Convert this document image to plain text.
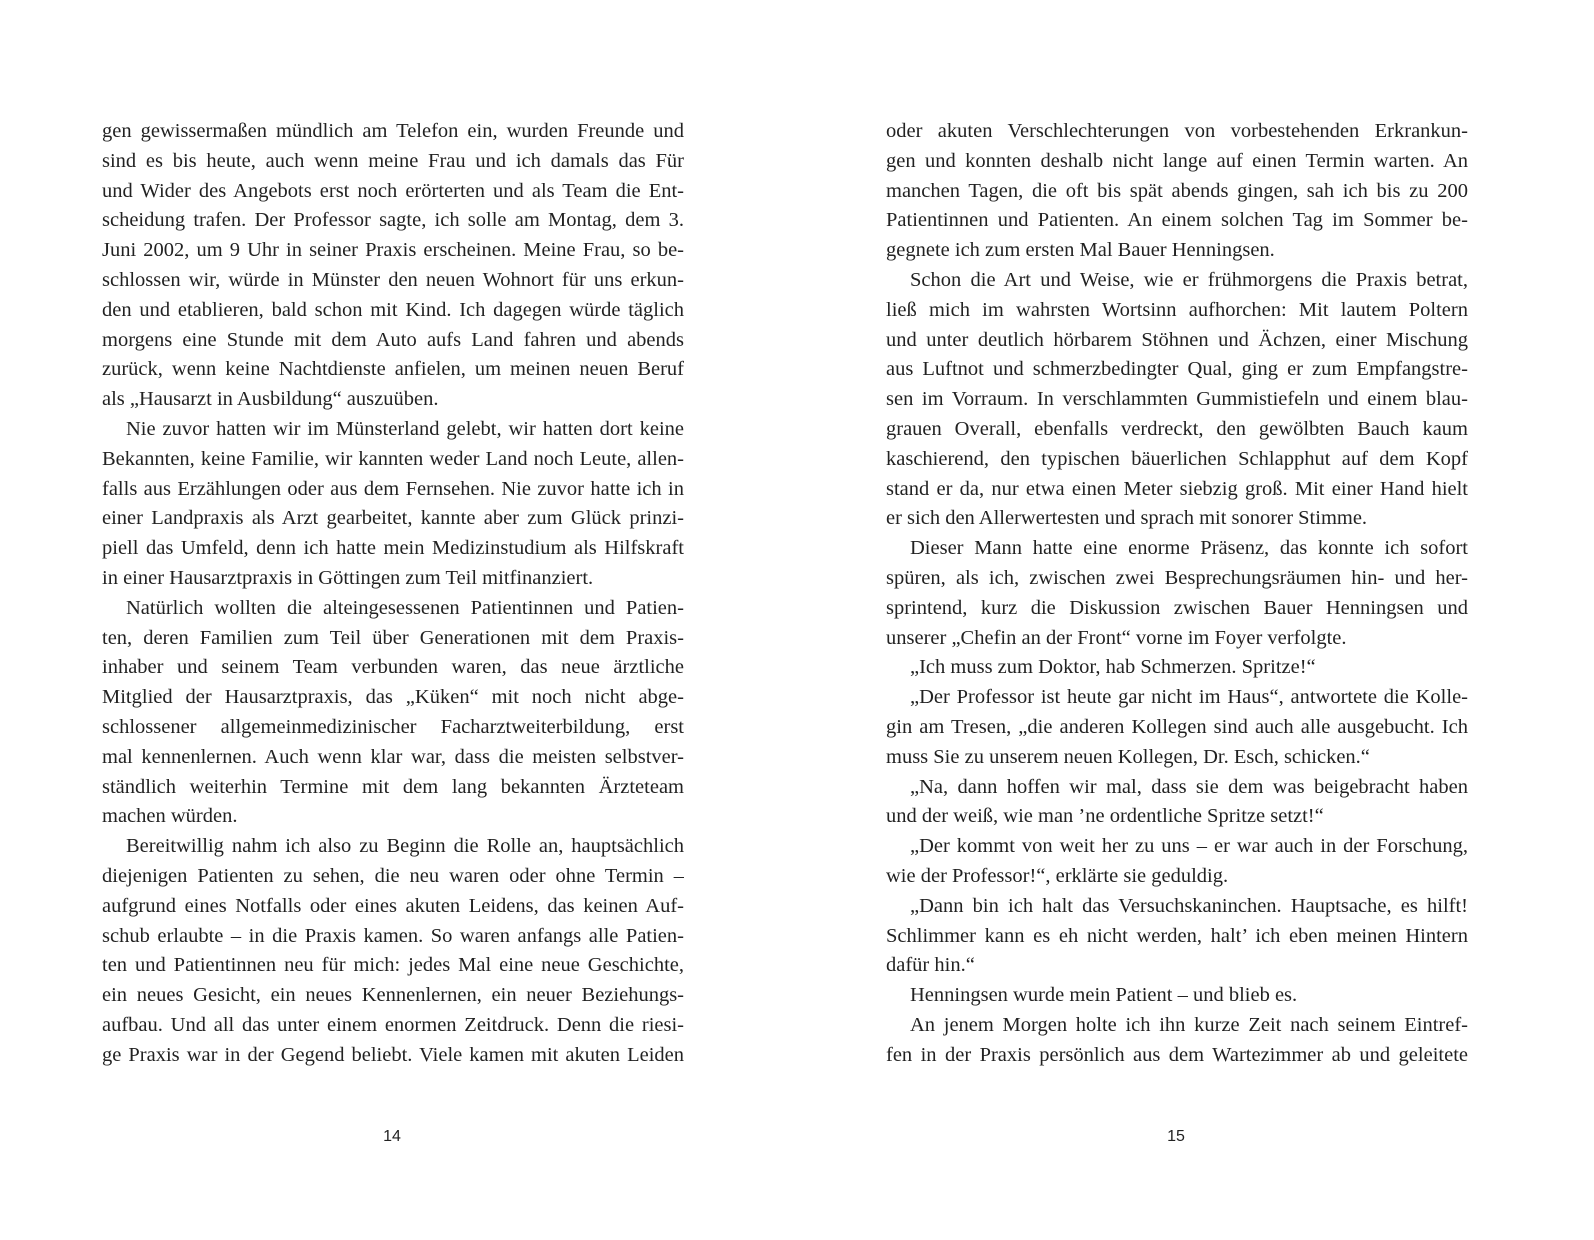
gen gewissermaßen mündlich am Telefon ein, wurden Freunde und
sind es bis heute, auch wenn meine Frau und ich damals das Für
und Wider des Angebots erst noch erörterten und als Team die Ent-
scheidung trafen. Der Professor sagte, ich solle am Montag, dem 3.
Juni 2002, um 9 Uhr in seiner Praxis erscheinen. Meine Frau, so be-
schlossen wir, würde in Münster den neuen Wohnort für uns erkun-
den und etablieren, bald schon mit Kind. Ich dagegen würde täglich
morgens eine Stunde mit dem Auto aufs Land fahren und abends
zurück, wenn keine Nachtdienste anfielen, um meinen neuen Beruf
als „Hausarzt in Ausbildung“ auszuüben.
Nie zuvor hatten wir im Münsterland gelebt, wir hatten dort keine
Bekannten, keine Familie, wir kannten weder Land noch Leute, allen-
falls aus Erzählungen oder aus dem Fernsehen. Nie zuvor hatte ich in
einer Landpraxis als Arzt gearbeitet, kannte aber zum Glück prinzi-
piell das Umfeld, denn ich hatte mein Medizinstudium als Hilfskraft
in einer Hausarztpraxis in Göttingen zum Teil mitfinanziert.
Natürlich wollten die alteingesessenen Patientinnen und Patien-
ten, deren Familien zum Teil über Generationen mit dem Praxis-
inhaber und seinem Team verbunden waren, das neue ärztliche
Mitglied der Hausarztpraxis, das „Küken“ mit noch nicht abge-
schlossener allgemeinmedizinischer Facharztweiterbildung, erst
mal kennenlernen. Auch wenn klar war, dass die meisten selbstver-
ständlich weiterhin Termine mit dem lang bekannten Ärzteteam
machen würden.
Bereitwillig nahm ich also zu Beginn die Rolle an, hauptsächlich
diejenigen Patienten zu sehen, die neu waren oder ohne Termin –
aufgrund eines Notfalls oder eines akuten Leidens, das keinen Auf-
schub erlaubte – in die Praxis kamen. So waren anfangs alle Patien-
ten und Patientinnen neu für mich: jedes Mal eine neue Geschichte,
ein neues Gesicht, ein neues Kennenlernen, ein neuer Beziehungs-
aufbau. Und all das unter einem enormen Zeitdruck. Denn die riesi-
ge Praxis war in der Gegend beliebt. Viele kamen mit akuten Leiden
14
oder akuten Verschlechterungen von vorbestehenden Erkrankun-
gen und konnten deshalb nicht lange auf einen Termin warten. An
manchen Tagen, die oft bis spät abends gingen, sah ich bis zu 200
Patientinnen und Patienten. An einem solchen Tag im Sommer be-
gegnete ich zum ersten Mal Bauer Henningsen.
Schon die Art und Weise, wie er frühmorgens die Praxis betrat,
ließ mich im wahrsten Wortsinn aufhorchen: Mit lautem Poltern
und unter deutlich hörbarem Stöhnen und Ächzen, einer Mischung
aus Luftnot und schmerzbedingter Qual, ging er zum Empfangstre-
sen im Vorraum. In verschlammten Gummistiefeln und einem blau-
grauen Overall, ebenfalls verdreckt, den gewölbten Bauch kaum
kaschierend, den typischen bäuerlichen Schlapphut auf dem Kopf
stand er da, nur etwa einen Meter siebzig groß. Mit einer Hand hielt
er sich den Allerwertesten und sprach mit sonorer Stimme.
Dieser Mann hatte eine enorme Präsenz, das konnte ich sofort
spüren, als ich, zwischen zwei Besprechungsräumen hin- und her-
sprintend, kurz die Diskussion zwischen Bauer Henningsen und
unserer „Chefin an der Front“ vorne im Foyer verfolgte.
„Ich muss zum Doktor, hab Schmerzen. Spritze!“
„Der Professor ist heute gar nicht im Haus“, antwortete die Kolle-
gin am Tresen, „die anderen Kollegen sind auch alle ausgebucht. Ich
muss Sie zu unserem neuen Kollegen, Dr. Esch, schicken.“
„Na, dann hoffen wir mal, dass sie dem was beigebracht haben
und der weiß, wie man ’ne ordentliche Spritze setzt!“
„Der kommt von weit her zu uns – er war auch in der Forschung,
wie der Professor!“, erklärte sie geduldig.
„Dann bin ich halt das Versuchskaninchen. Hauptsache, es hilft!
Schlimmer kann es eh nicht werden, halt’ ich eben meinen Hintern
dafür hin.“
Henningsen wurde mein Patient – und blieb es.
An jenem Morgen holte ich ihn kurze Zeit nach seinem Eintref-
fen in der Praxis persönlich aus dem Wartezimmer ab und geleitete
15
